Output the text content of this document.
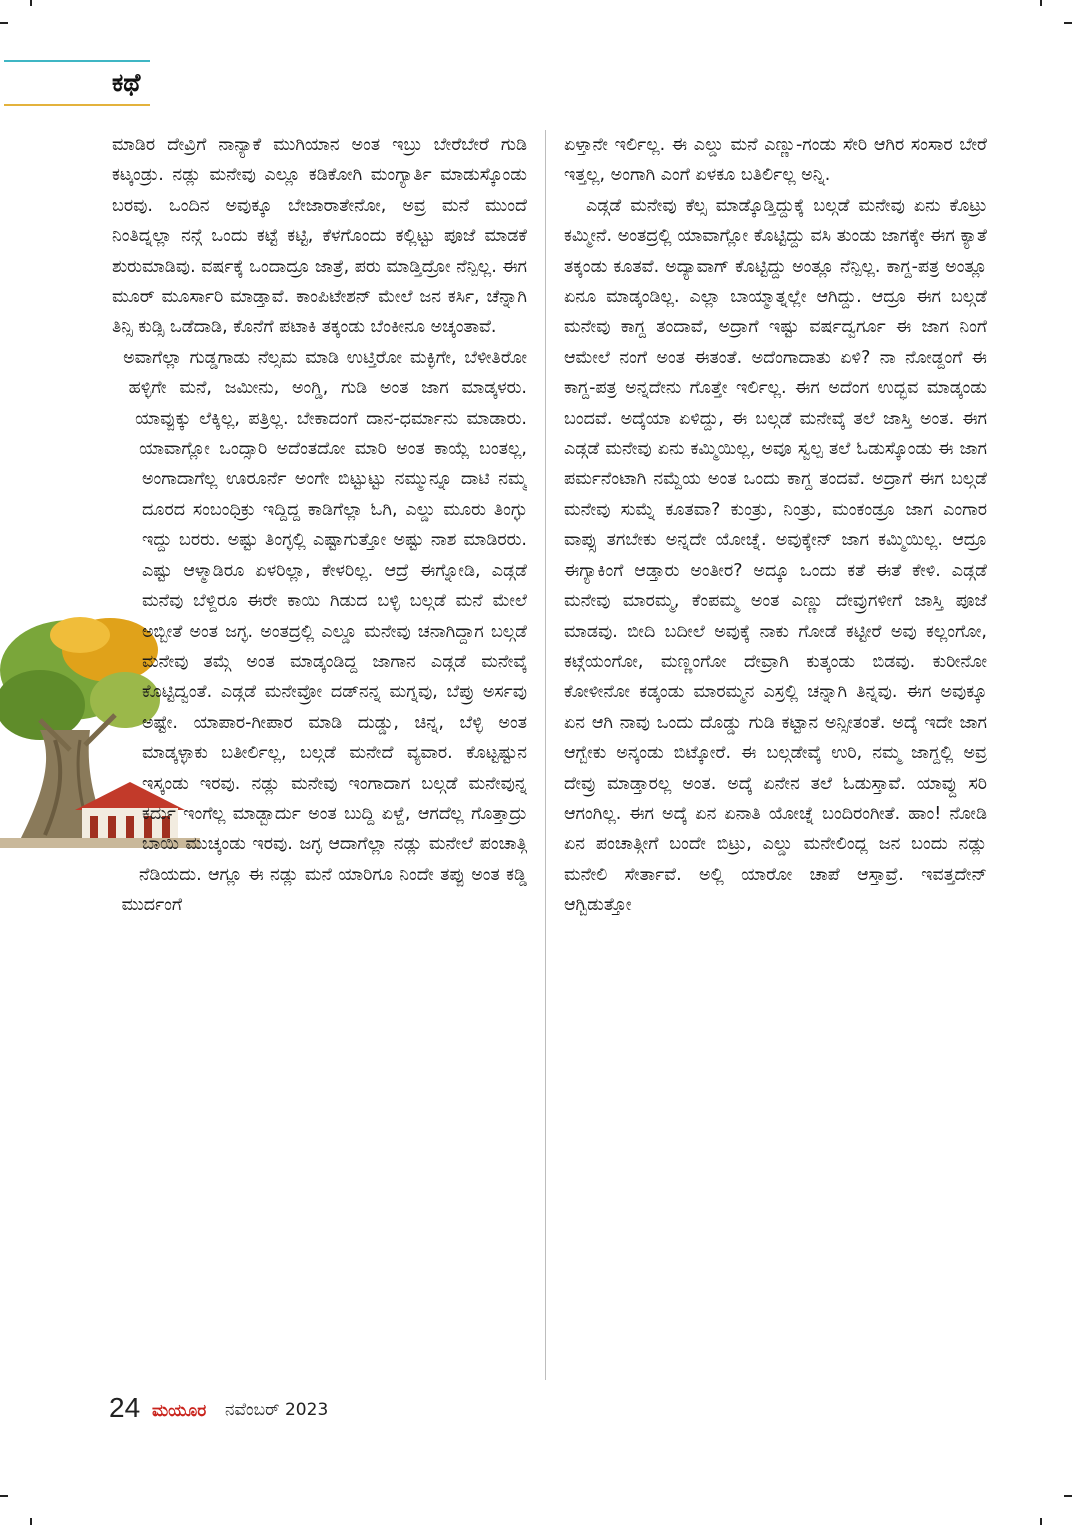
ಕಥೆ

ಮಾಡಿರ ದೇವ್ರಿಗೆ ನಾನ್ಯಾಕೆ ಮುಗಿಯಾನ ಅಂತ ಇಬ್ರು ಬೇರೆಬೇರೆ ಗುಡಿ ಕಟ್ಕಂಡ್ರು. ನಡ್ಲು ಮನೇವು ಎಲ್ಲೂ ಕಡಿಕೋಗಿ ಮಂಗ್ಯಾರ್ತಿ ಮಾಡುಸ್ಕೊಂಡು ಬರವು. ಒಂದಿನ ಅವುಕ್ಕೂ ಬೇಜಾರಾತೇನೋ, ಅವ್ರ ಮನೆ ಮುಂದೆ ನಿಂತಿದ್ನಲ್ಲಾ ನನ್ಗೆ ಒಂದು ಕಟ್ಟೆ ಕಟ್ಟಿ, ಕೆಳಗೊಂದು ಕಲ್ಲಿಟ್ಟು ಪೂಜೆ ಮಾಡಕೆ ಶುರುಮಾಡಿವು. ವರ್ಷಕ್ಕೆ ಒಂದಾದ್ರೂ ಜಾತ್ರೆ, ಪರು ಮಾಡ್ತಿದ್ರೋ ನೆನ್ಪಿಲ್ಲ. ಈಗ ಮೂರ್ ಮೂರ್ಸಾರಿ ಮಾಡ್ತಾವೆ. ಕಾಂಪಿಟೇಶನ್ ಮೇಲೆ ಜನ ಕರ್ಸಿ, ಚೆನ್ನಾಗಿ ತಿನ್ಸಿ ಕುಡ್ಸಿ ಒಡೆದಾಡಿ, ಕೊನೆಗೆ ಪಟಾಕಿ ತಕ್ಕಂಡು ಬೆಂಕೀನೂ ಅಚ್ಕಂತಾವೆ.

ಅವಾಗೆಲ್ಲಾ ಗುಡ್ಡಗಾಡು ನೆಲ್ಸಮ ಮಾಡಿ ಉಟ್ತಿರೋ ಮಕ್ಳಿಗೇ, ಬೆಳೀತಿರೋ ಹಳ್ಳಿಗೇ ಮನೆ, ಜಮೀನು, ಅಂಗ್ಡಿ, ಗುಡಿ ಅಂತ ಜಾಗ ಮಾಡ್ಕಳರು. ಯಾವ್ಪುಕ್ಕು ಲೆಕ್ಕಿಲ್ಲ, ಪತ್ರಿಲ್ಲ. ಬೇಕಾದಂಗೆ ದಾನ-ಧರ್ಮಾನು ಮಾಡಾರು. ಯಾವಾಗ್ಲೋ ಒಂದ್ಸಾರಿ ಅದೆಂತದೋ ಮಾರಿ ಅಂತ ಕಾಯ್ಲೆ ಬಂತಲ್ಲ, ಅಂಗಾದಾಗೆಲ್ಲ ಊರೂರ್ನೆ ಅಂಗೇ ಬಿಟ್ಟುಟ್ಟು ನಮ್ಮುನ್ನೂ ದಾಟಿ ನಮ್ಮ ದೂರದ ಸಂಬಂಧಿಕ್ರು ಇದ್ದಿದ್ದ ಕಾಡಿಗೆಲ್ಲಾ ಓಗಿ, ಎಲ್ಡು ಮೂರು ತಿಂಗ್ಳು ಇದ್ದು ಬರರು. ಅಷ್ಟು ತಿಂಗ್ಳಲ್ಲಿ ಎಷ್ಟಾಗುತ್ತೋ ಅಷ್ಟು ನಾಶ ಮಾಡಿರರು. ಎಷ್ಟು ಆಳ್ಮಾಡಿರೂ ಏಳರಿಲ್ಲಾ, ಕೇಳರಿಲ್ಲ. ಆದ್ರೆ ಈಗ್ನೋಡಿ, ಎಡ್ಗಡೆ ಮನೆವು ಬೆಳ್ದಿರೂ ಈರೇ ಕಾಯಿ ಗಿಡುದ ಬಳ್ಳಿ ಬಲ್ಗಡೆ ಮನೆ ಮೇಲೆ ಅಬ್ಬೀತೆ ಅಂತ ಜಗ್ಳ. ಅಂತದ್ರಲ್ಲಿ ಎಲ್ಡೂ ಮನೇವು ಚನಾಗಿದ್ದಾಗ ಬಲ್ಗಡೆ ಮನೇವು ತಮ್ಗೆ ಅಂತ ಮಾಡ್ಕಂಡಿದ್ದ ಜಾಗಾನ ಎಡ್ಗಡೆ ಮನೇವ್ಕೆ ಕೊಟ್ಟಿದ್ವಂತೆ. ಎಡ್ಗಡೆ ಮನೇವ್ರೋ ದಡ್‌ನನ್ನ ಮಗ್ನವು, ಬೆಪ್ರು ಅರ್ಸವು ಅಷ್ಟೇ. ಯಾಪಾರ-ಗೀಪಾರ ಮಾಡಿ ದುಡ್ಡು, ಚಿನ್ನ, ಬೆಳ್ಳಿ ಅಂತ ಮಾಡ್ಕಳ್ಳಾಕು ಬತೀರ್ಲಿಲ್ಲ, ಬಲ್ಗಡೆ ಮನೇದೆ ವ್ಯವಾರ. ಕೊಟ್ಟಷ್ಟುನ ಇಸ್ಕಂಡು ಇರವು. ನಡ್ಲು ಮನೇವು ಇಂಗಾದಾಗ ಬಲ್ಗಡೆ ಮನೇವುನ್ನ ಕರ್ದು ಇಂಗೆಲ್ಲ ಮಾಡ್ಬಾರ್ದು ಅಂತ ಬುದ್ದಿ ಏಳ್ದೆ, ಆಗದೆಲ್ಲ ಗೊತ್ತಾದ್ರು ಬಾಯಿ ಮುಚ್ಕಂಡು ಇರವು. ಜಗ್ಳ ಆದಾಗೆಲ್ಲಾ ನಡ್ಲು ಮನೇಲೆ ಪಂಚಾತ್ಗಿ ನೆಡಿಯದು. ಆಗ್ಲೂ ಈ ನಡ್ಲು ಮನೆ ಯಾರಿಗೂ ನಿಂದೇ ತಪ್ಪು ಅಂತ ಕಡ್ಡಿ ಮುರ್ದಂಗೆ

ಏಳ್ತಾನೇ ಇರ್ಲಿಲ್ಲ. ಈ ಎಲ್ಡು ಮನೆ ಎಣ್ಣು-ಗಂಡು ಸೇರಿ ಆಗಿರ ಸಂಸಾರ ಬೇರೆ ಇತ್ತಲ್ಲ, ಅಂಗಾಗಿ ಎಂಗೆ ಏಳಕೂ ಬತಿರ್ಲಿಲ್ಲ ಅನ್ನಿ.

ಎಡ್ಗಡೆ ಮನೇವು ಕೆಲ್ಸ ಮಾಡ್ಕೊಡ್ತಿದ್ದುಕ್ಕೆ ಬಲ್ಗಡೆ ಮನೇವು ಏನು ಕೊಟ್ರು ಕಮ್ಮೀನೆ. ಅಂತದ್ರಲ್ಲಿ ಯಾವಾಗ್ಲೋ ಕೊಟ್ಟಿದ್ದು ವಸಿ ತುಂಡು ಜಾಗಕ್ಕೇ ಈಗ ಕ್ಯಾತೆ ತಕ್ಕಂಡು ಕೂತವೆ. ಅದ್ಯಾವಾಗ್ ಕೊಟ್ಟಿದ್ದು ಅಂತ್ಲೂ ನೆನ್ಪಿಲ್ಲ. ಕಾಗ್ದ-ಪತ್ರ ಅಂತ್ಲೂ ಏನೂ ಮಾಡ್ಕಂಡಿಲ್ಲ. ಎಲ್ಲಾ ಬಾಯ್ಮಾತ್ನಲ್ಲೇ ಆಗಿದ್ದು. ಆದ್ರೂ ಈಗ ಬಲ್ಗಡೆ ಮನೇವು ಕಾಗ್ದ ತಂದಾವೆ, ಅದ್ರಾಗೆ ಇಷ್ಟು ವರ್ಷದ್ವರ್ಗೂ ಈ ಜಾಗ ನಿಂಗೆ ಆಮೇಲೆ ನಂಗೆ ಅಂತ ಈತಂತೆ. ಅದೆಂಗಾದಾತು ಏಳಿ? ನಾ ನೋಡ್ದಂಗೆ ಈ ಕಾಗ್ದ-ಪತ್ರ ಅನ್ನದೇನು ಗೊತ್ತೇ ಇರ್ಲಿಲ್ಲ. ಈಗ ಅದೆಂಗ ಉದ್ಭವ ಮಾಡ್ಕಂಡು ಬಂದವೆ. ಅದ್ಕೆಯಾ ಏಳಿದ್ದು, ಈ ಬಲ್ಗಡೆ ಮನೇವ್ಕೆ ತಲೆ ಜಾಸ್ತಿ ಅಂತ. ಈಗ ಎಡ್ಗಡೆ ಮನೇವು ಏನು ಕಮ್ಮಿಯಿಲ್ಲ, ಅವೂ ಸ್ವಲ್ಪ ತಲೆ ಓಡುಸ್ಕೊಂಡು ಈ ಜಾಗ ಪರ್ಮನೆಂಟಾಗಿ ನಮ್ದೆಯ ಅಂತ ಒಂದು ಕಾಗ್ದ ತಂದವೆ. ಅದ್ರಾಗೆ ಈಗ ಬಲ್ಗಡೆ ಮನೇವು ಸುಮ್ನೆ ಕೂತವಾ? ಕುಂತ್ರು, ನಿಂತ್ರು, ಮಂಕಂಡ್ರೂ ಜಾಗ ಎಂಗಾರ ವಾಪ್ಸು ತಗಬೇಕು ಅನ್ನದೇ ಯೋಚ್ನೆ. ಅವುಕ್ಕೇನ್ ಜಾಗ ಕಮ್ಮಿಯಿಲ್ಲ. ಆದ್ರೂ ಈಗ್ಯಾಕಿಂಗೆ ಆಡ್ತಾರು ಅಂತೀರ? ಅದ್ಕೂ ಒಂದು ಕತೆ ಈತೆ ಕೇಳಿ. ಎಡ್ಗಡೆ ಮನೇವು ಮಾರಮ್ಮ, ಕೆಂಪಮ್ಮ ಅಂತ ಎಣ್ಣು ದೇವ್ರುಗಳೀಗೆ ಜಾಸ್ತಿ ಪೂಜೆ ಮಾಡವು. ಬೀದಿ ಬದೀಲೆ ಅವುಕ್ಕೆ ನಾಕು ಗೋಡೆ ಕಟ್ಟೀರೆ ಅವು ಕಲ್ಲಂಗೋ, ಕಟ್ಗೆಯಂಗೋ, ಮಣ್ಣಂಗೋ ದೇವ್ರಾಗಿ ಕುತ್ಕಂಡು ಬಿಡವು. ಕುರೀನೋ ಕೋಳೀನೋ ಕಡ್ಕಂಡು ಮಾರಮ್ಮನ ಎಸ್ರಲ್ಲಿ ಚನ್ನಾಗಿ ತಿನ್ನವು. ಈಗ ಅವುಕ್ಕೂ ಏನ ಆಗಿ ನಾವು ಒಂದು ದೊಡ್ಡು ಗುಡಿ ಕಟ್ಟಾನ ಅನ್ಸೀತಂತೆ. ಅದ್ಕೆ ಇದೇ ಜಾಗ ಆಗ್ಬೇಕು ಅನ್ಕಂಡು ಬಿಟ್ಕೋರೆ. ಈ ಬಲ್ಗಡೇವ್ಕೆ ಉರಿ, ನಮ್ಮ ಜಾಗ್ದಲ್ಲಿ ಅವ್ರ ದೇವ್ರು ಮಾಡ್ತಾರಲ್ಲ ಅಂತ. ಅದ್ಕೆ ಏನೇನ ತಲೆ ಓಡುಸ್ತಾವೆ. ಯಾವ್ದು ಸರಿ ಆಗಂಗಿಲ್ಲ. ಈಗ ಅದ್ಕೆ ಏನ ಏನಾತಿ ಯೋಚ್ನೆ ಬಂದಿರಂಗೀತೆ. ಹಾಂ! ನೋಡಿ ಏನ ಪಂಚಾತ್ಗೀಗೆ ಬಂದೇ ಬಿಟ್ರು, ಎಲ್ಡು ಮನೇಲಿಂದ್ಲ ಜನ ಬಂದು ನಡ್ಲು ಮನೇಲಿ ಸೇರ್ತಾವೆ. ಅಲ್ಲಿ ಯಾರೋ ಚಾಪೆ ಆಸ್ತಾವ್ರೆ. ಇವತ್ತದೇನ್ ಆಗ್ಬಿಡುತ್ತೋ

24 ಮಯೂರ ನವೆಂಬರ್ 2023
